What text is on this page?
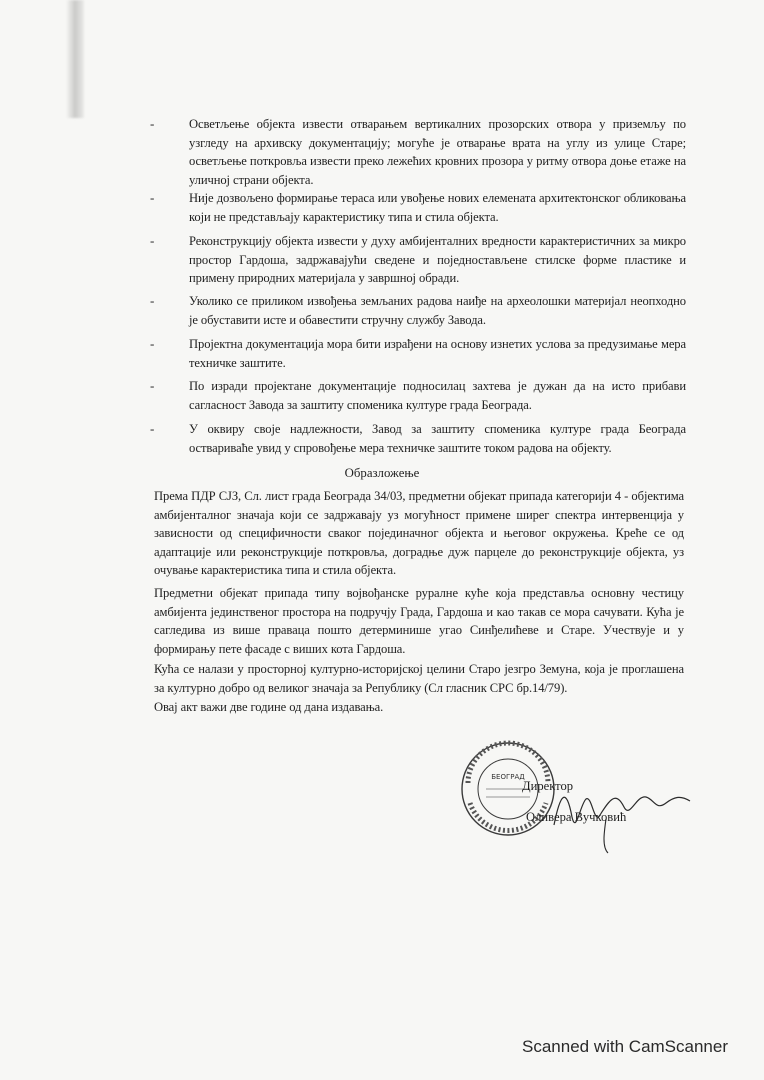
-	Осветљење објекта извести отварањем вертикалних прозорских отвора у приземљу по узгледу на архивску документацију; могуће је отварање врата на углу из улице Старе; осветљење поткровља извести преко лежећих кровних прозора у ритму отвора доње етаже на уличној страни објекта.
-	Није дозвољено формирање тераса или увођење нових елемената архитектонског обликовања који не представљају карактеристику типа и стила објекта.
-	Реконструкцију објекта извести у духу амбијенталних вредности карактеристичних за микро простор Гардоша, задржавајући сведене и поједностављене стилске форме пластике и примену природних материјала у завршној обради.
-	Уколико се приликом извођења земљаних радова наиђе на археолошки материјал неопходно је обуставити исте и обавестити стручну службу Завода.
-	Пројектна документација мора бити израђени на основу изнетих услова за предузимање мера техничке заштите.
-	По изради пројектане документације подносилац захтева је дужан да на исто прибави сагласност Завода за заштиту споменика културе града Београда.
-	У оквиру своје надлежности, Завод за заштиту споменика културе града Београда оствариваће увид у спровођење мера техничке заштите током радова на објекту.
Образложење
Према ПДР СЈЗ, Сл. лист града Београда 34/03, предметни објекат припада категорији 4 - објектима амбијенталног значаја који се задржавају уз могућност примене ширег спектра интервенција у зависности од специфичности сваког појединачног објекта и његовог окружења. Креће се од адаптације или реконструкције поткровља, доградње дуж парцеле до реконструкције објекта, уз очување карактеристика типа и стила објекта.
Предметни објекат припада типу војвођанске руралне куће која представља основну честицу амбијента јединственог простора на подручју Града, Гардоша и као такав се мора сачувати. Кућа је сагледива из више правацa пошто детерминише угао Синђелићеве и Старе. Учествује и у формирању пете фасаде с виших кота Гардоша.
Кућа се налази у просторној културно-историјској целини Старо језгро Земуна, која је проглашена за културно добро од великог значаја за Републику (Сл гласник СРС бр.14/79).
Овај акт важи две године од дана издавања.
БЕОГРАД
Директор
Оливера Вучковић
Scanned with CamScanner
